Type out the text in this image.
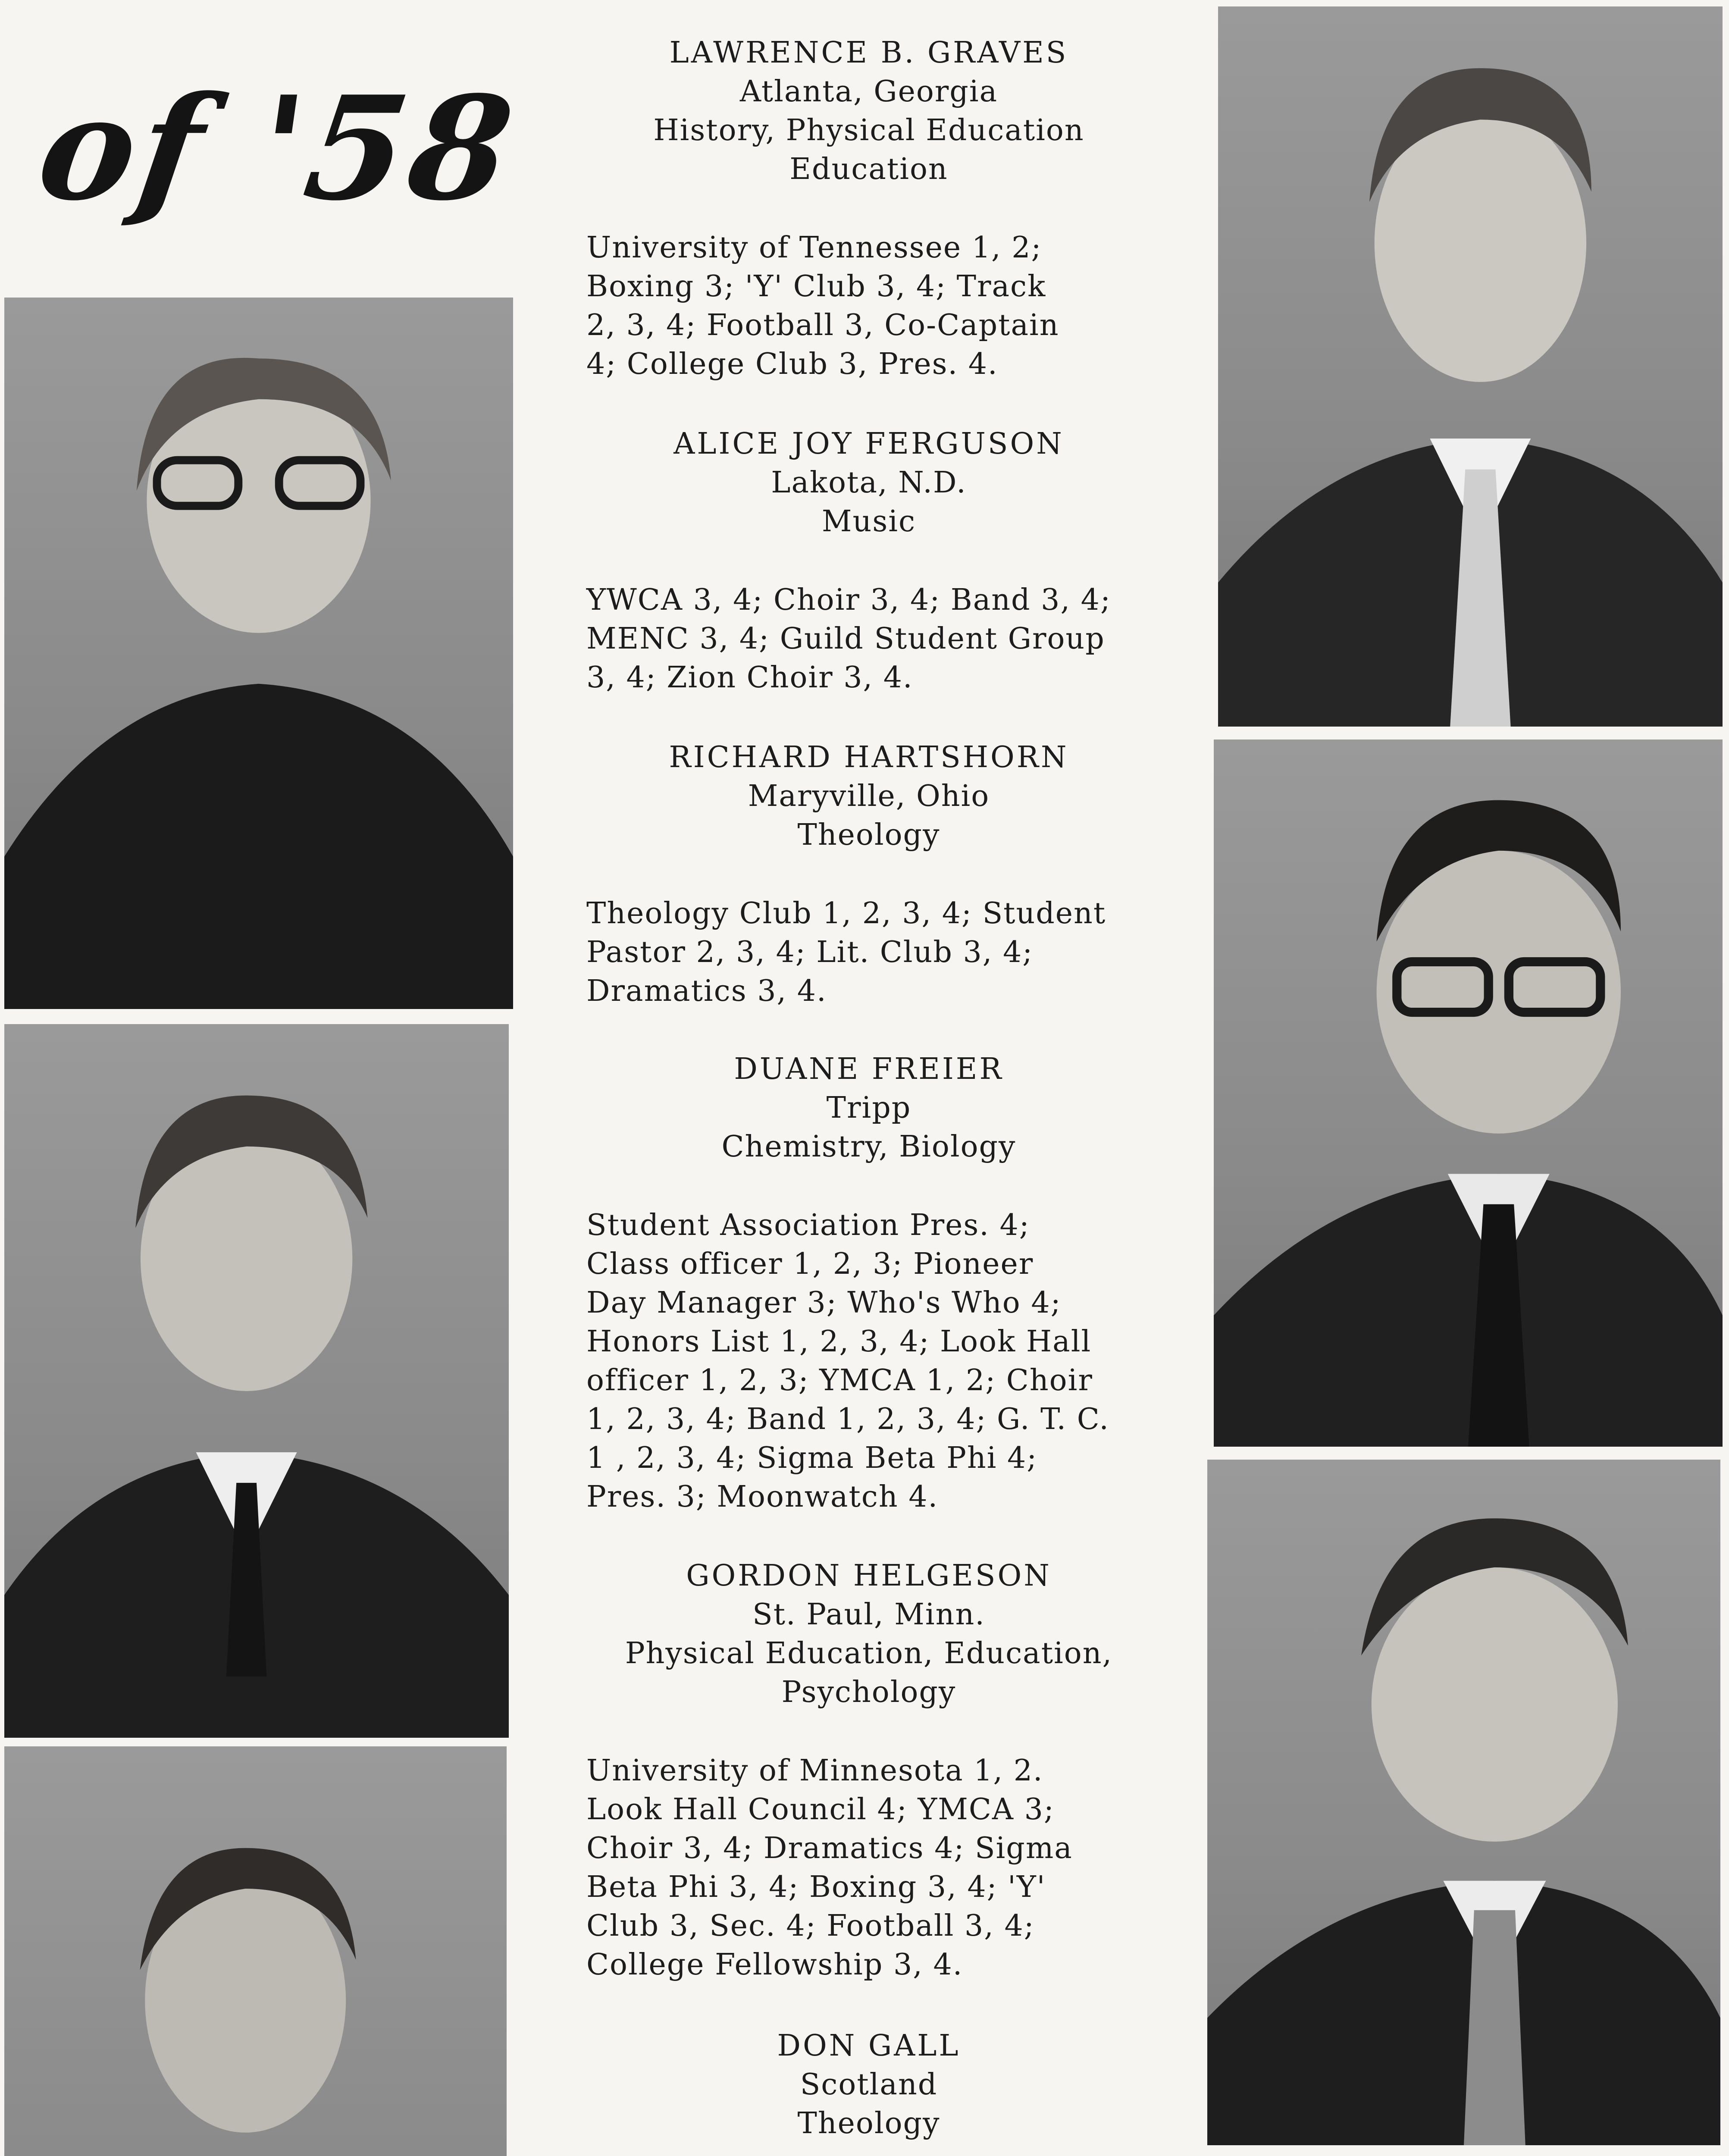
of '58
LAWRENCE B. GRAVES
Atlanta, Georgia
History, Physical Education
Education
University of Tennessee 1, 2;
Boxing 3; 'Y' Club 3, 4; Track
2, 3, 4; Football 3, Co-Captain
4; College Club 3, Pres. 4.
ALICE JOY FERGUSON
Lakota, N.D.
Music
YWCA 3, 4; Choir 3, 4; Band 3, 4;
MENC 3, 4; Guild Student Group
3, 4; Zion Choir 3, 4.
RICHARD HARTSHORN
Maryville, Ohio
Theology
Theology Club 1, 2, 3, 4; Student
Pastor 2, 3, 4; Lit. Club 3, 4;
Dramatics 3, 4.
DUANE FREIER
Tripp
Chemistry, Biology
Student Association Pres. 4;
Class officer 1, 2, 3; Pioneer
Day Manager 3; Who's Who 4;
Honors List 1, 2, 3, 4; Look Hall
officer 1, 2, 3; YMCA 1, 2; Choir
1, 2, 3, 4; Band 1, 2, 3, 4; G. T. C.
1 , 2, 3, 4; Sigma Beta Phi 4;
Pres. 3; Moonwatch 4.
GORDON HELGESON
St. Paul, Minn.
Physical Education, Education,
Psychology
University of Minnesota 1, 2.
Look Hall Council 4; YMCA 3;
Choir 3, 4; Dramatics 4; Sigma
Beta Phi 3, 4; Boxing 3, 4; 'Y'
Club 3, Sec. 4; Football 3, 4;
College Fellowship 3, 4.
DON GALL
Scotland
Theology
